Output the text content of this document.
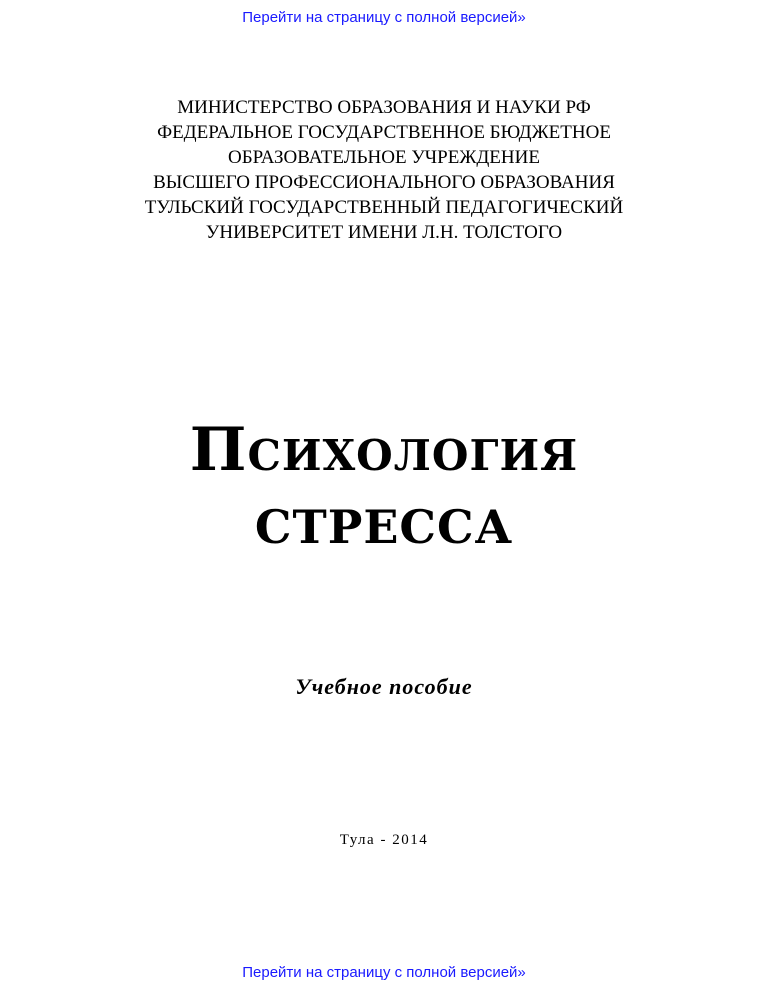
Перейти на страницу с полной версией»
МИНИСТЕРСТВО ОБРАЗОВАНИЯ И НАУКИ РФ
ФЕДЕРАЛЬНОЕ ГОСУДАРСТВЕННОЕ БЮДЖЕТНОЕ
ОБРАЗОВАТЕЛЬНОЕ УЧРЕЖДЕНИЕ
ВЫСШЕГО ПРОФЕССИОНАЛЬНОГО ОБРАЗОВАНИЯ
ТУЛЬСКИЙ ГОСУДАРСТВЕННЫЙ ПЕДАГОГИЧЕСКИЙ
УНИВЕРСИТЕТ ИМЕНИ Л.Н. ТОЛСТОГО
Психология
СТРЕССА
Учебное пособие
Тула - 2014
Перейти на страницу с полной версией»
